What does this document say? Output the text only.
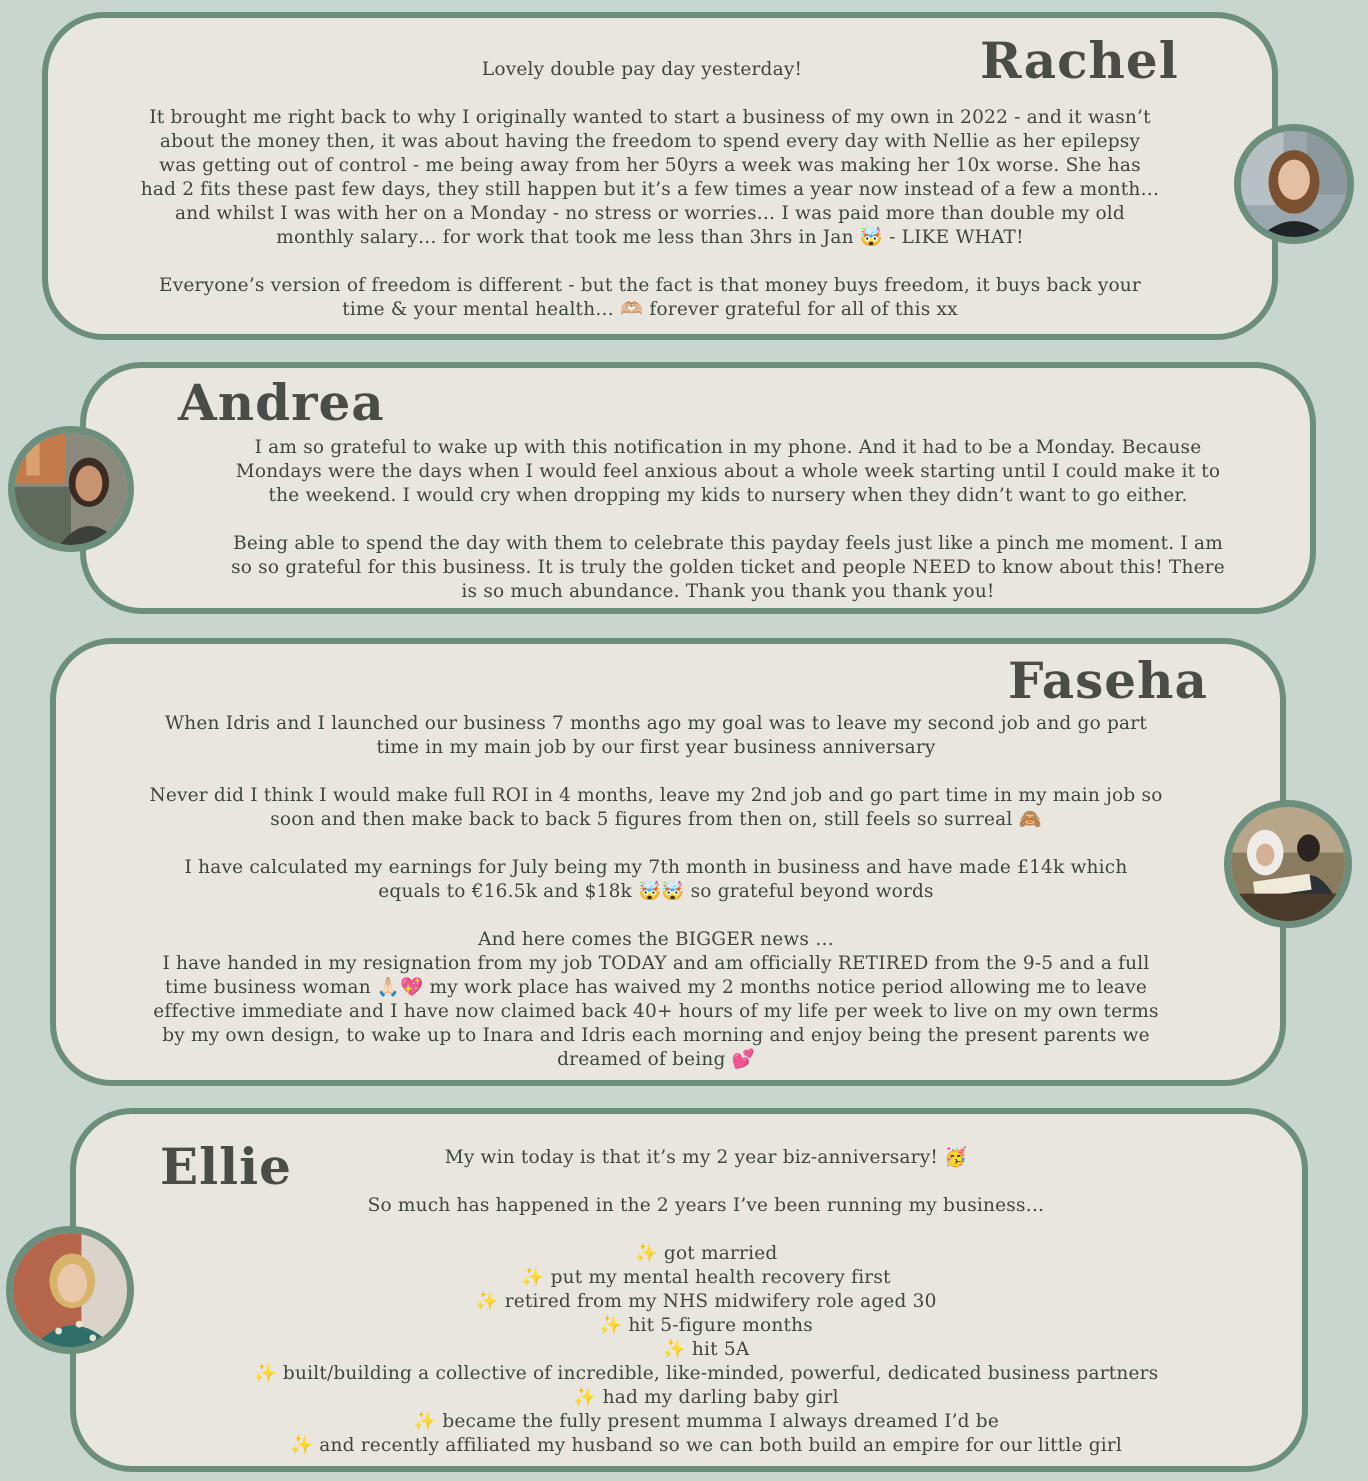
Rachel

Lovely double pay day yesterday!

It brought me right back to why I originally wanted to start a business of my own in 2022 - and it wasn’t

about the money then, it was about having the freedom to spend every day with Nellie as her epilepsy

was getting out of control - me being away from her 50yrs a week was making her 10x worse. She has

had 2 fits these past few days, they still happen but it’s a few times a year now instead of a few a month…

and whilst I was with her on a Monday - no stress or worries… I was paid more than double my old

monthly salary… for work that took me less than 3hrs in Jan 🤯 - LIKE WHAT!

Everyone’s version of freedom is different - but the fact is that money buys freedom, it buys back your

time & your mental health… 🫶🏼 forever grateful for all of this xx

Andrea

I am so grateful to wake up with this notification in my phone. And it had to be a Monday. Because

Mondays were the days when I would feel anxious about a whole week starting until I could make it to

the weekend. I would cry when dropping my kids to nursery when they didn’t want to go either.

Being able to spend the day with them to celebrate this payday feels just like a pinch me moment. I am

so so grateful for this business. It is truly the golden ticket and people NEED to know about this! There

is so much abundance. Thank you thank you thank you!

Faseha

When Idris and I launched our business 7 months ago my goal was to leave my second job and go part

time in my main job by our first year business anniversary

Never did I think I would make full ROI in 4 months, leave my 2nd job and go part time in my main job so

soon and then make back to back 5 figures from then on, still feels so surreal 🙈

I have calculated my earnings for July being my 7th month in business and have made £14k which

equals to €16.5k and $18k 🤯🤯 so grateful beyond words

And here comes the BIGGER news …

I have handed in my resignation from my job TODAY and am officially RETIRED from the 9-5 and a full

time business woman 🙏🏻💖 my work place has waived my 2 months notice period allowing me to leave

effective immediate and I have now claimed back 40+ hours of my life per week to live on my own terms

by my own design, to wake up to Inara and Idris each morning and enjoy being the present parents we

dreamed of being 💕

Ellie	My win today is that it’s my 2 year biz-anniversary! 🥳

So much has happened in the 2 years I’ve been running my business…

✨ got married

✨ put my mental health recovery first

✨ retired from my NHS midwifery role aged 30

✨ hit 5-figure months

✨ hit 5A

✨ built/building a collective of incredible, like-minded, powerful, dedicated business partners

✨ had my darling baby girl

✨ became the fully present mumma I always dreamed I’d be

✨ and recently affiliated my husband so we can both build an empire for our little girl
